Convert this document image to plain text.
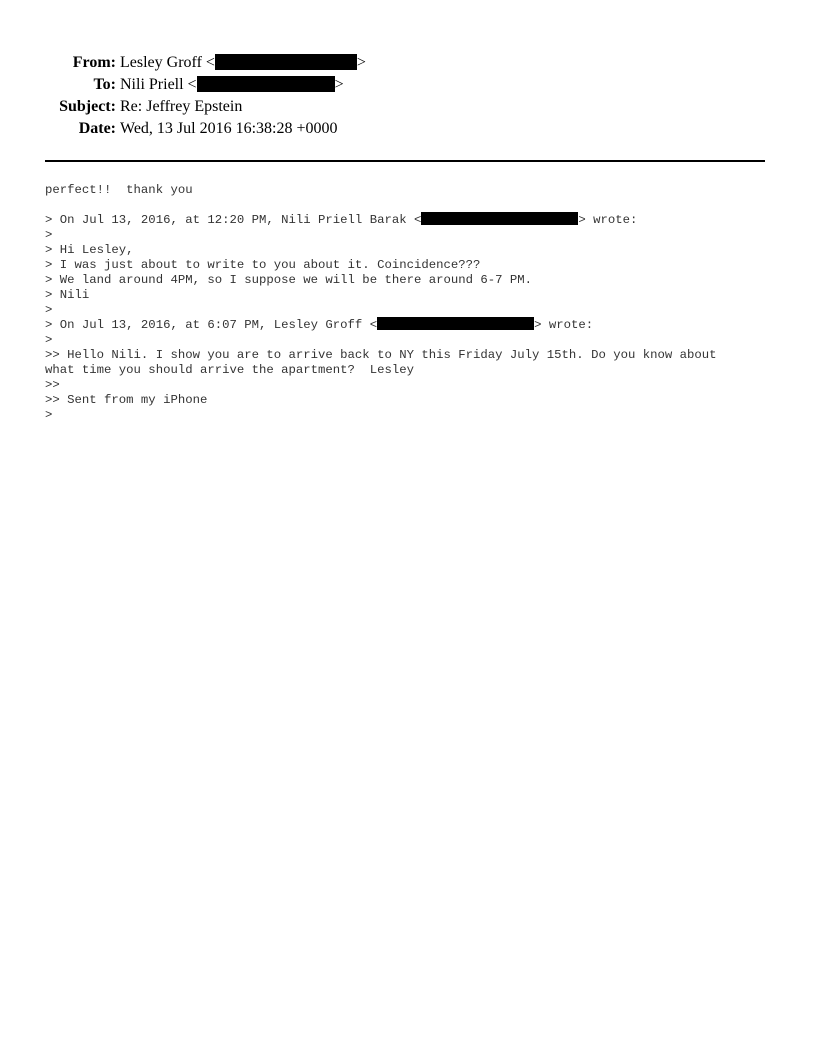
From: Lesley Groff <	>
To: Nili Priell <	>
Subject: Re: Jeffrey Epstein
Date: Wed, 13 Jul 2016 16:38:28 +0000
perfect!!  thank you
> On Jul 13, 2016, at 12:20 PM, Nili Priell Barak <	> wrote:
>
> Hi Lesley,
> I was just about to write to you about it. Coincidence???
> We land around 4PM, so I suppose we will be there around 6-7 PM.
> Nili
>
> On Jul 13, 2016, at 6:07 PM, Lesley Groff <	> wrote:
>
>> Hello Nili. I show you are to arrive back to NY this Friday July 15th. Do you know about
what time you should arrive the apartment?  Lesley
>>
>> Sent from my iPhone
>
